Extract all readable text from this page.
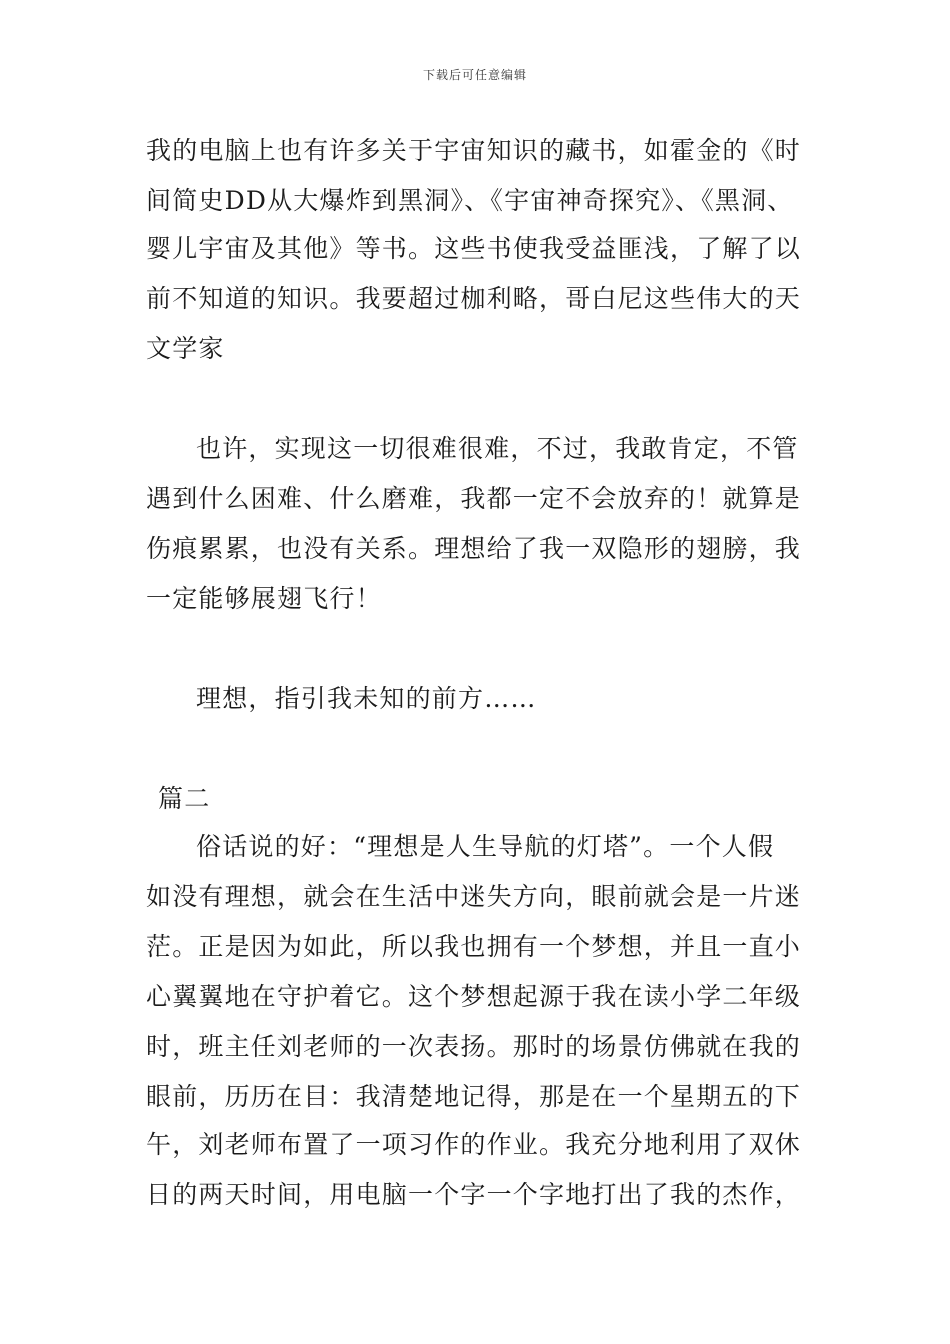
下载后可任意编辑
我的电脑上也有许多关于宇宙知识的藏书，如霍金的《时
间简史DD从大爆炸到黑洞》、《宇宙神奇探究》、《黑洞、
婴儿宇宙及其他》等书。这些书使我受益匪浅，了解了以
前不知道的知识。我要超过枷利略，哥白尼这些伟大的天
文学家
也许，实现这一切很难很难，不过，我敢肯定，不管
遇到什么困难、什么磨难，我都一定不会放弃的！就算是
伤痕累累，也没有关系。理想给了我一双隐形的翅膀，我
一定能够展翅飞行！
理想，指引我未知的前方……
篇二
俗话说的好：“理想是人生导航的灯塔”。一个人假
如没有理想，就会在生活中迷失方向，眼前就会是一片迷
茫。正是因为如此，所以我也拥有一个梦想，并且一直小
心翼翼地在守护着它。这个梦想起源于我在读小学二年级
时，班主任刘老师的一次表扬。那时的场景仿佛就在我的
眼前，历历在目：我清楚地记得，那是在一个星期五的下
午，刘老师布置了一项习作的作业。我充分地利用了双休
日的两天时间，用电脑一个字一个字地打出了我的杰作，
